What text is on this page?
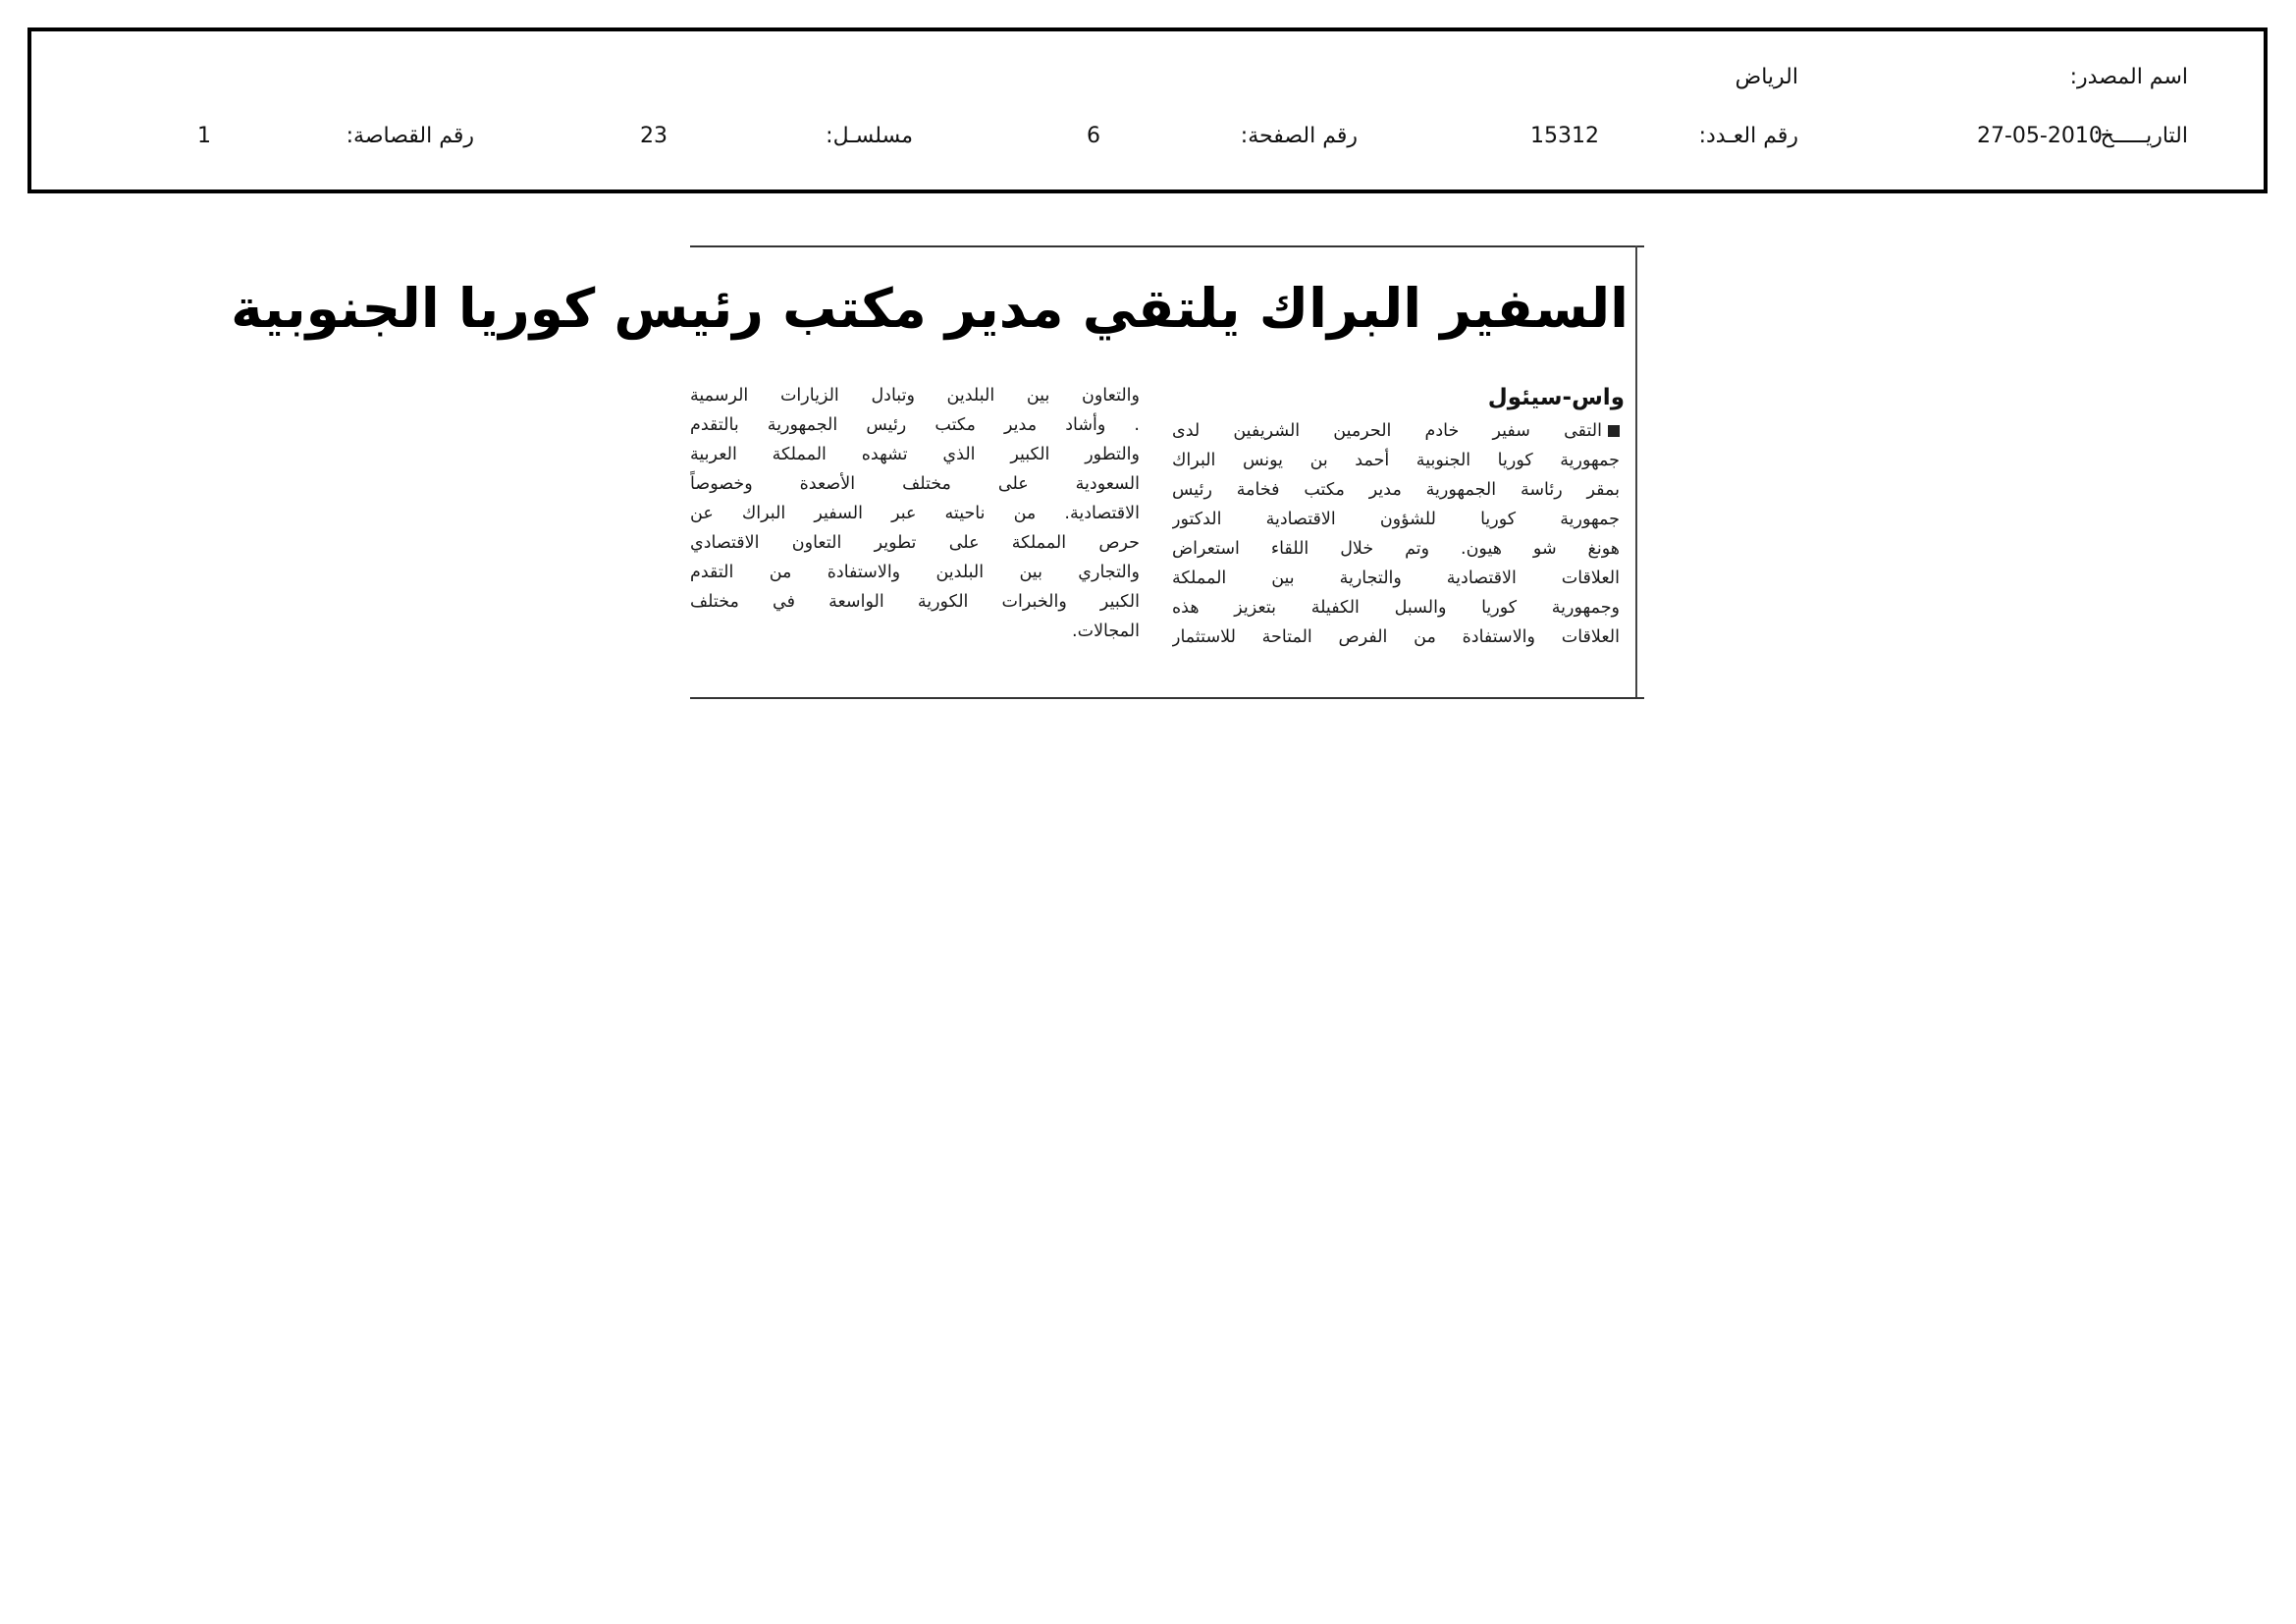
اسم المصدر:
الرياض
التاريـــــخ:
27-05-2010
رقم العـدد:
15312
رقم الصفحة:
6
مسلسـل:
23
رقم القصاصة:
1
السفير البراك يلتقي مدير مكتب رئيس كوريا الجنوبية
واس-سيئول
التقى سفير خادم الحرمين الشريفين لدى
جمهورية كوريا الجنوبية أحمد بن يونس البراك
بمقر رئاسة الجمهورية مدير مكتب فخامة رئيس
جمهورية كوريا للشؤون الاقتصادية الدكتور
هونغ شو هيون. وتم خلال اللقاء استعراض
العلاقات الاقتصادية والتجارية بين المملكة
وجمهورية كوريا والسبل الكفيلة بتعزيز هذه
العلاقات والاستفادة من الفرص المتاحة للاستثمار
والتعاون بين البلدين وتبادل الزيارات الرسمية
. وأشاد مدير مكتب رئيس الجمهورية بالتقدم
والتطور الكبير الذي تشهده المملكة العربية
السعودية على مختلف الأصعدة وخصوصاً
الاقتصادية. من ناحيته عبر السفير البراك عن
حرص المملكة على تطوير التعاون الاقتصادي
والتجاري بين البلدين والاستفادة من التقدم
الكبير والخبرات الكورية الواسعة في مختلف
المجالات.
